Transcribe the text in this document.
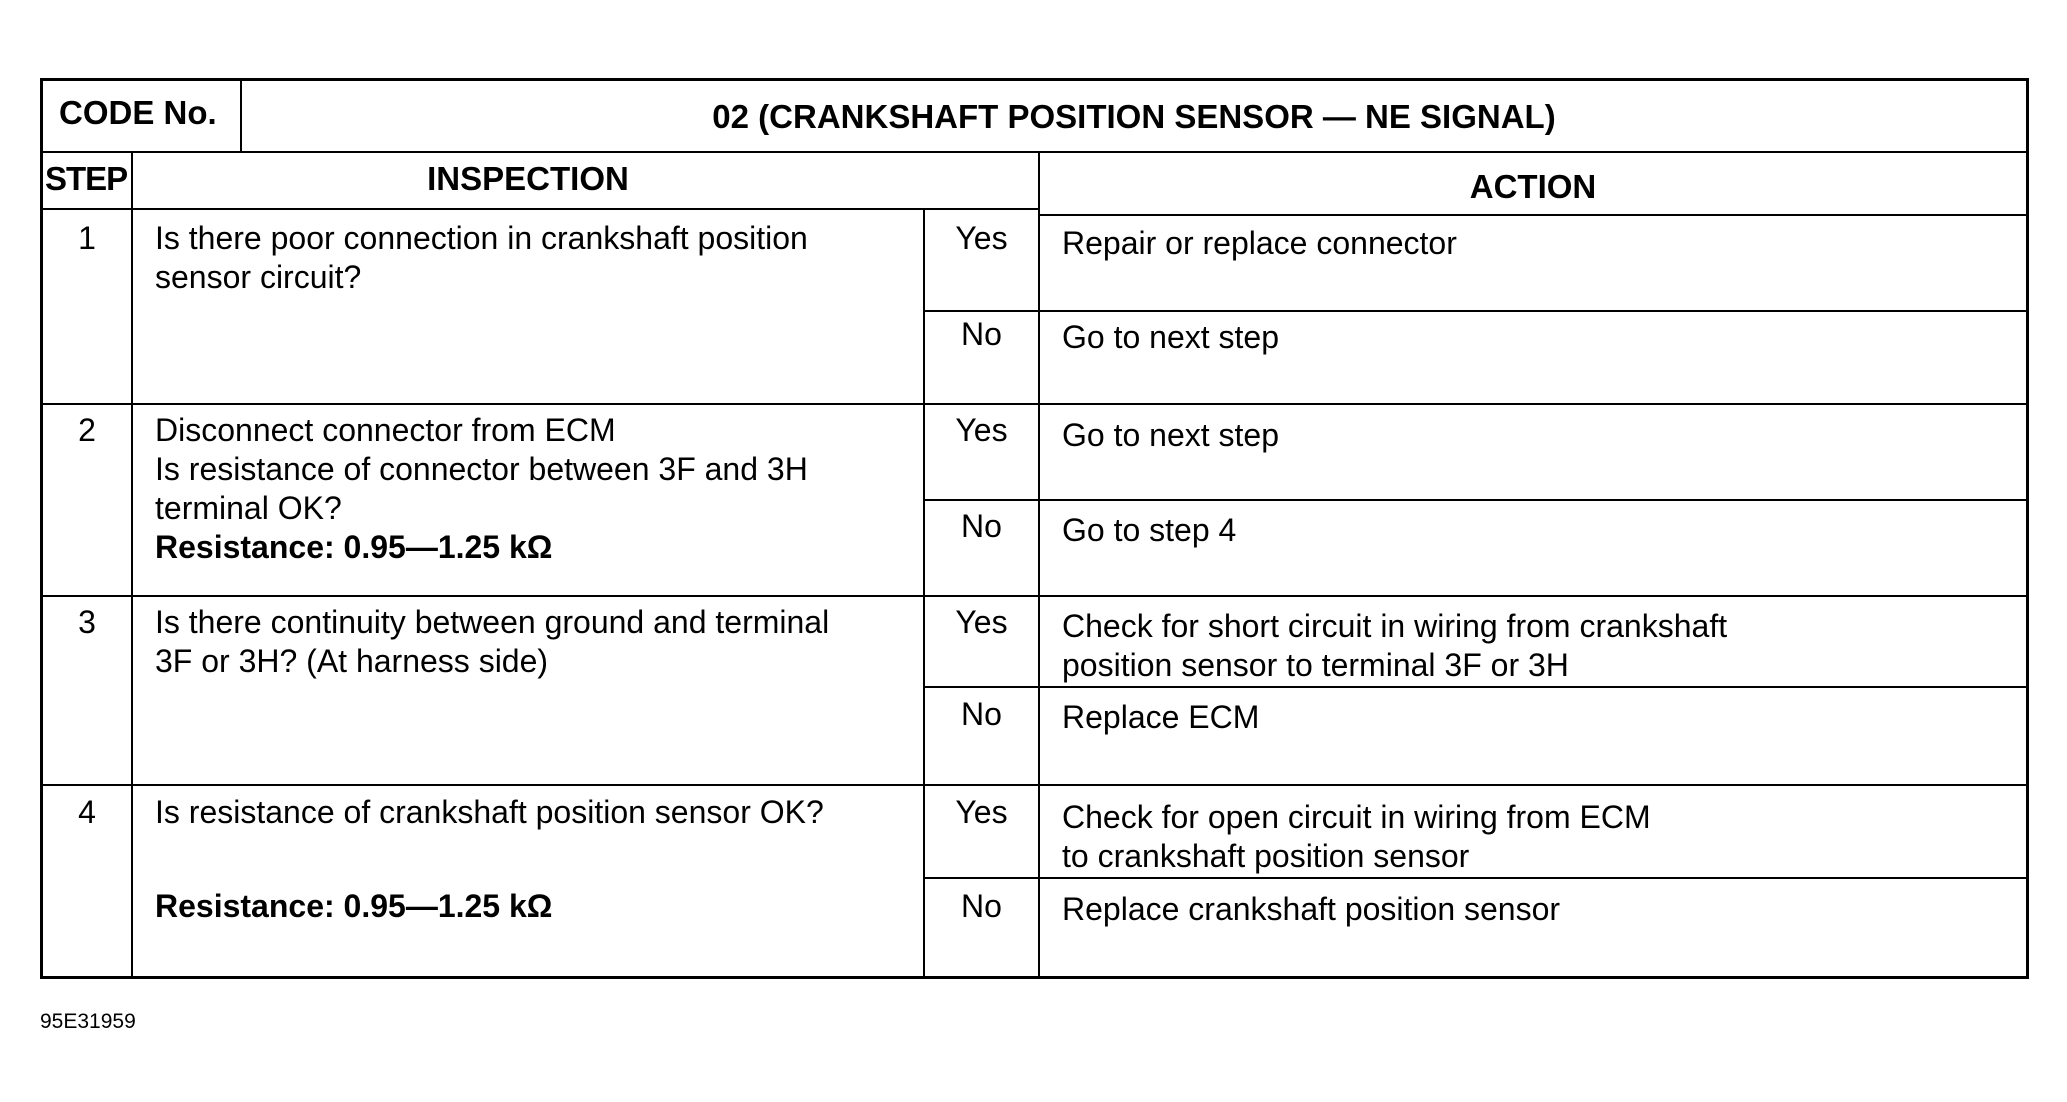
CODE No.	02 (CRANKSHAFT POSITION SENSOR — NE SIGNAL)
STEP	INSPECTION	ACTION
1	Is there poor connection in crankshaft position
sensor circuit?
Yes	Repair or replace connector
No	Go to next step
2	Disconnect connector from ECM
Is resistance of connector between 3F and 3H
terminal OK?
Resistance: 0.95—1.25 kΩ
Yes	Go to next step
No	Go to step 4
3	Is there continuity between ground and terminal
3F or 3H? (At harness side)
Yes	Check for short circuit in wiring from crankshaft
position sensor to terminal 3F or 3H
No	Replace ECM
4	Is resistance of crankshaft position sensor OK?
Resistance: 0.95—1.25 kΩ
Yes	Check for open circuit in wiring from ECM
to crankshaft position sensor
No	Replace crankshaft position sensor
95E31959
